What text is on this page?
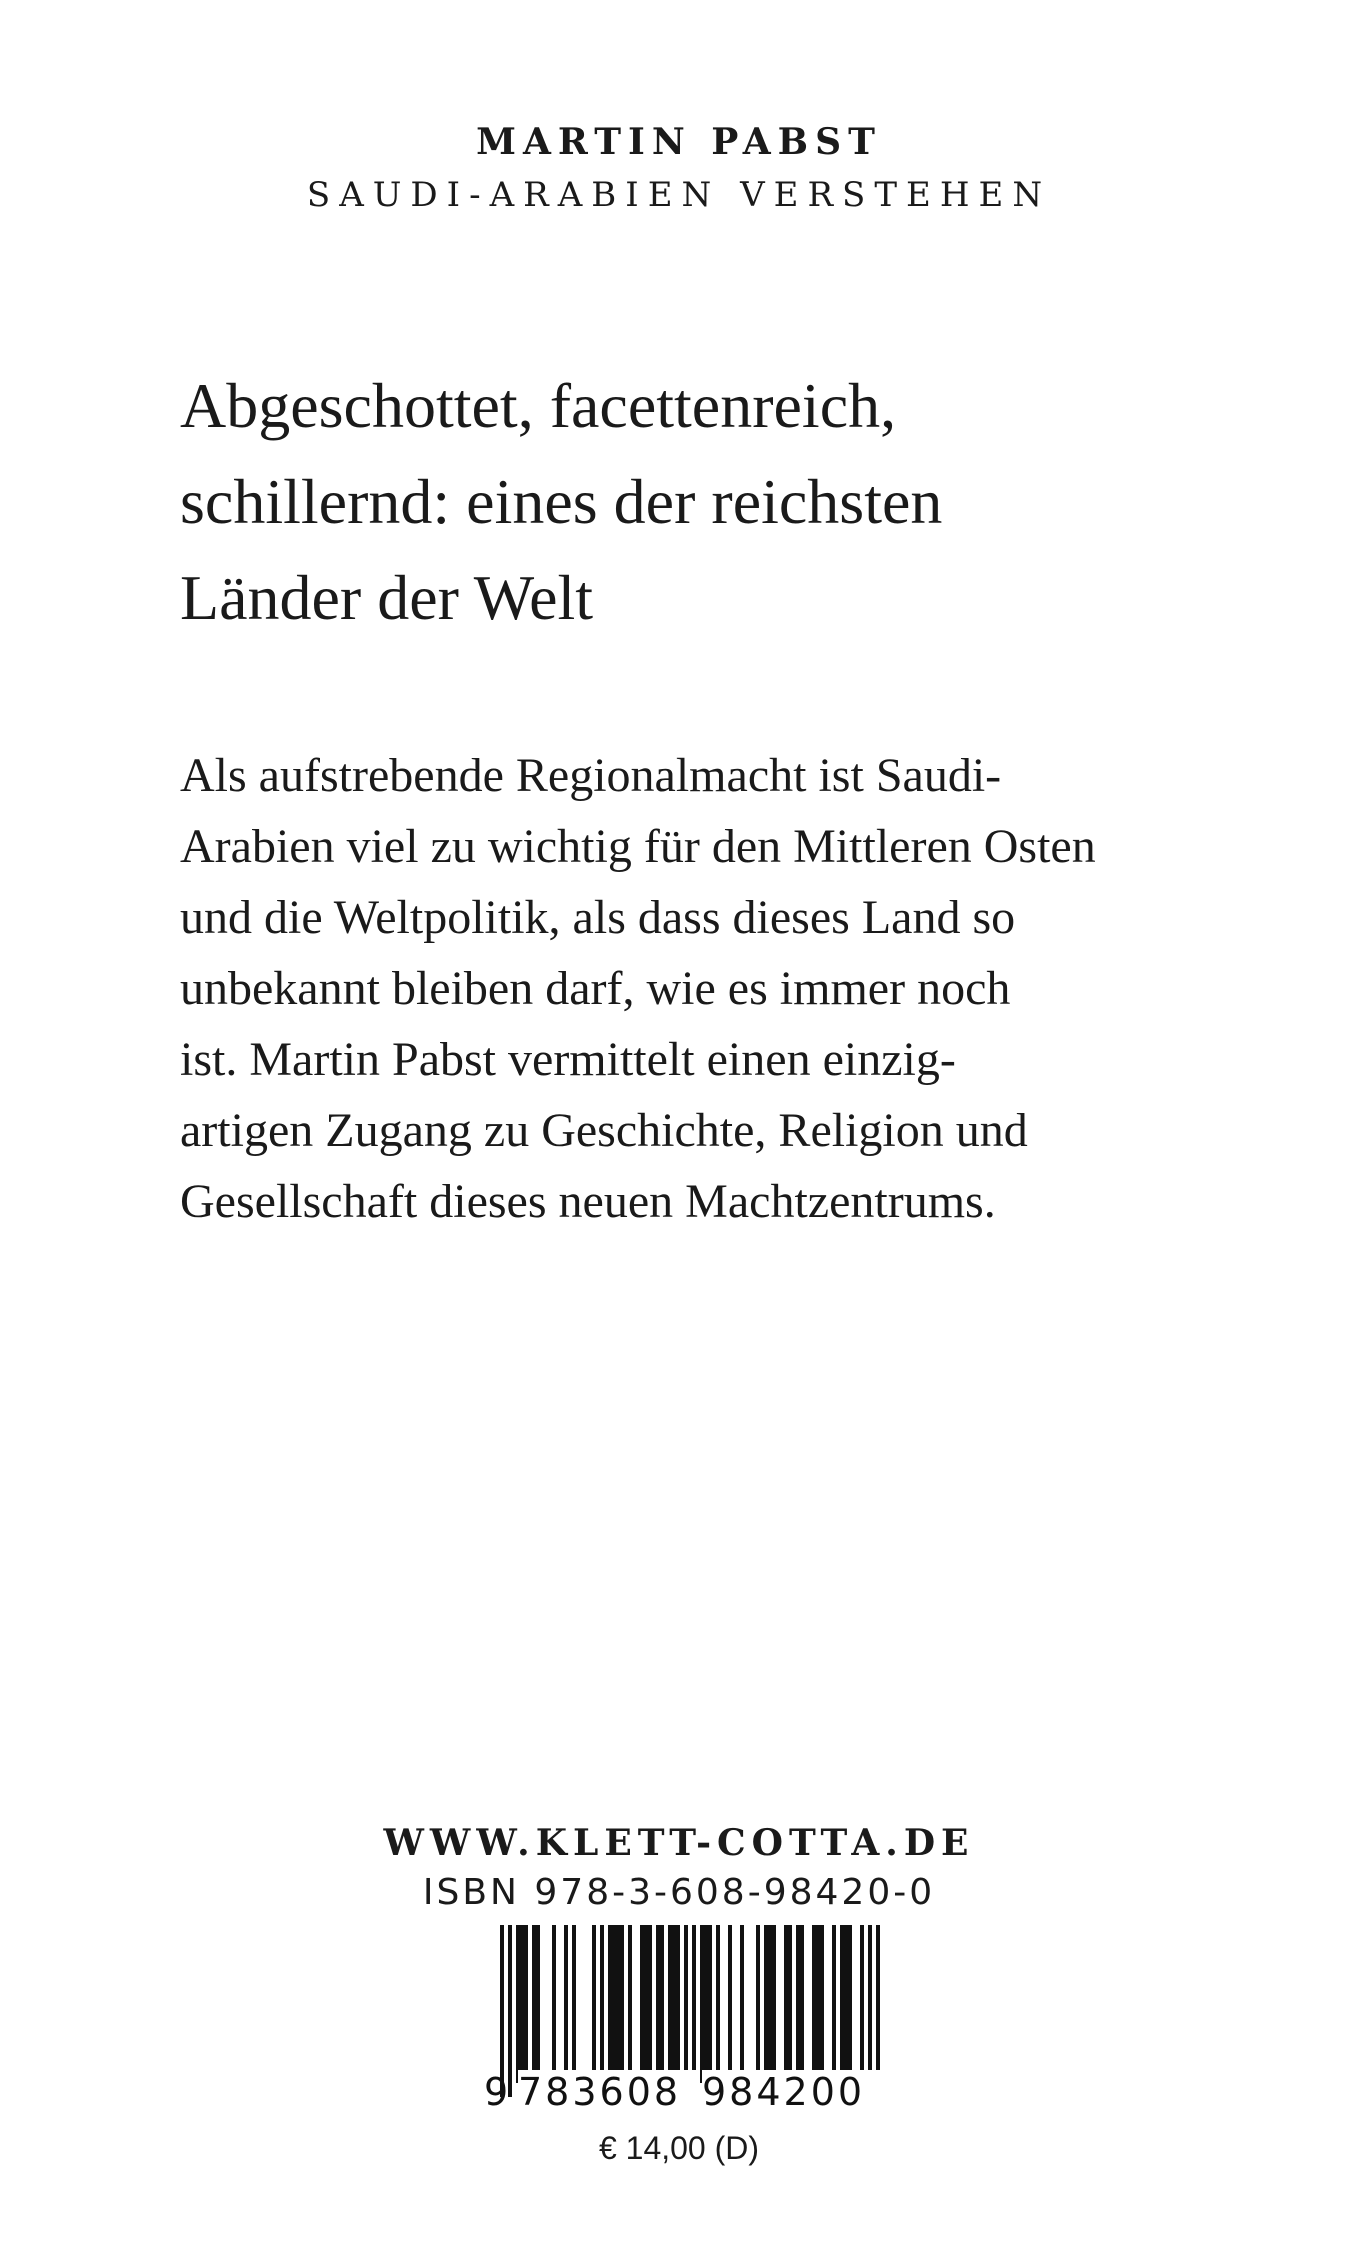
MARTIN PABST
SAUDI-ARABIEN VERSTEHEN
Abgeschottet, facettenreich,
schillernd: eines der reichsten
Länder der Welt
Als aufstrebende Regionalmacht ist Saudi-
Arabien viel zu wichtig für den Mittleren Osten
und die Weltpolitik, als dass dieses Land so
unbekannt bleiben darf, wie es immer noch
ist. Martin Pabst vermittelt einen einzig-
artigen Zugang zu Geschichte, Religion und
Gesellschaft dieses neuen Machtzentrums.
WWW.KLETT-COTTA.DE
ISBN 978-3-608-98420-0
9 783608 984200
€ 14,00 (D)
